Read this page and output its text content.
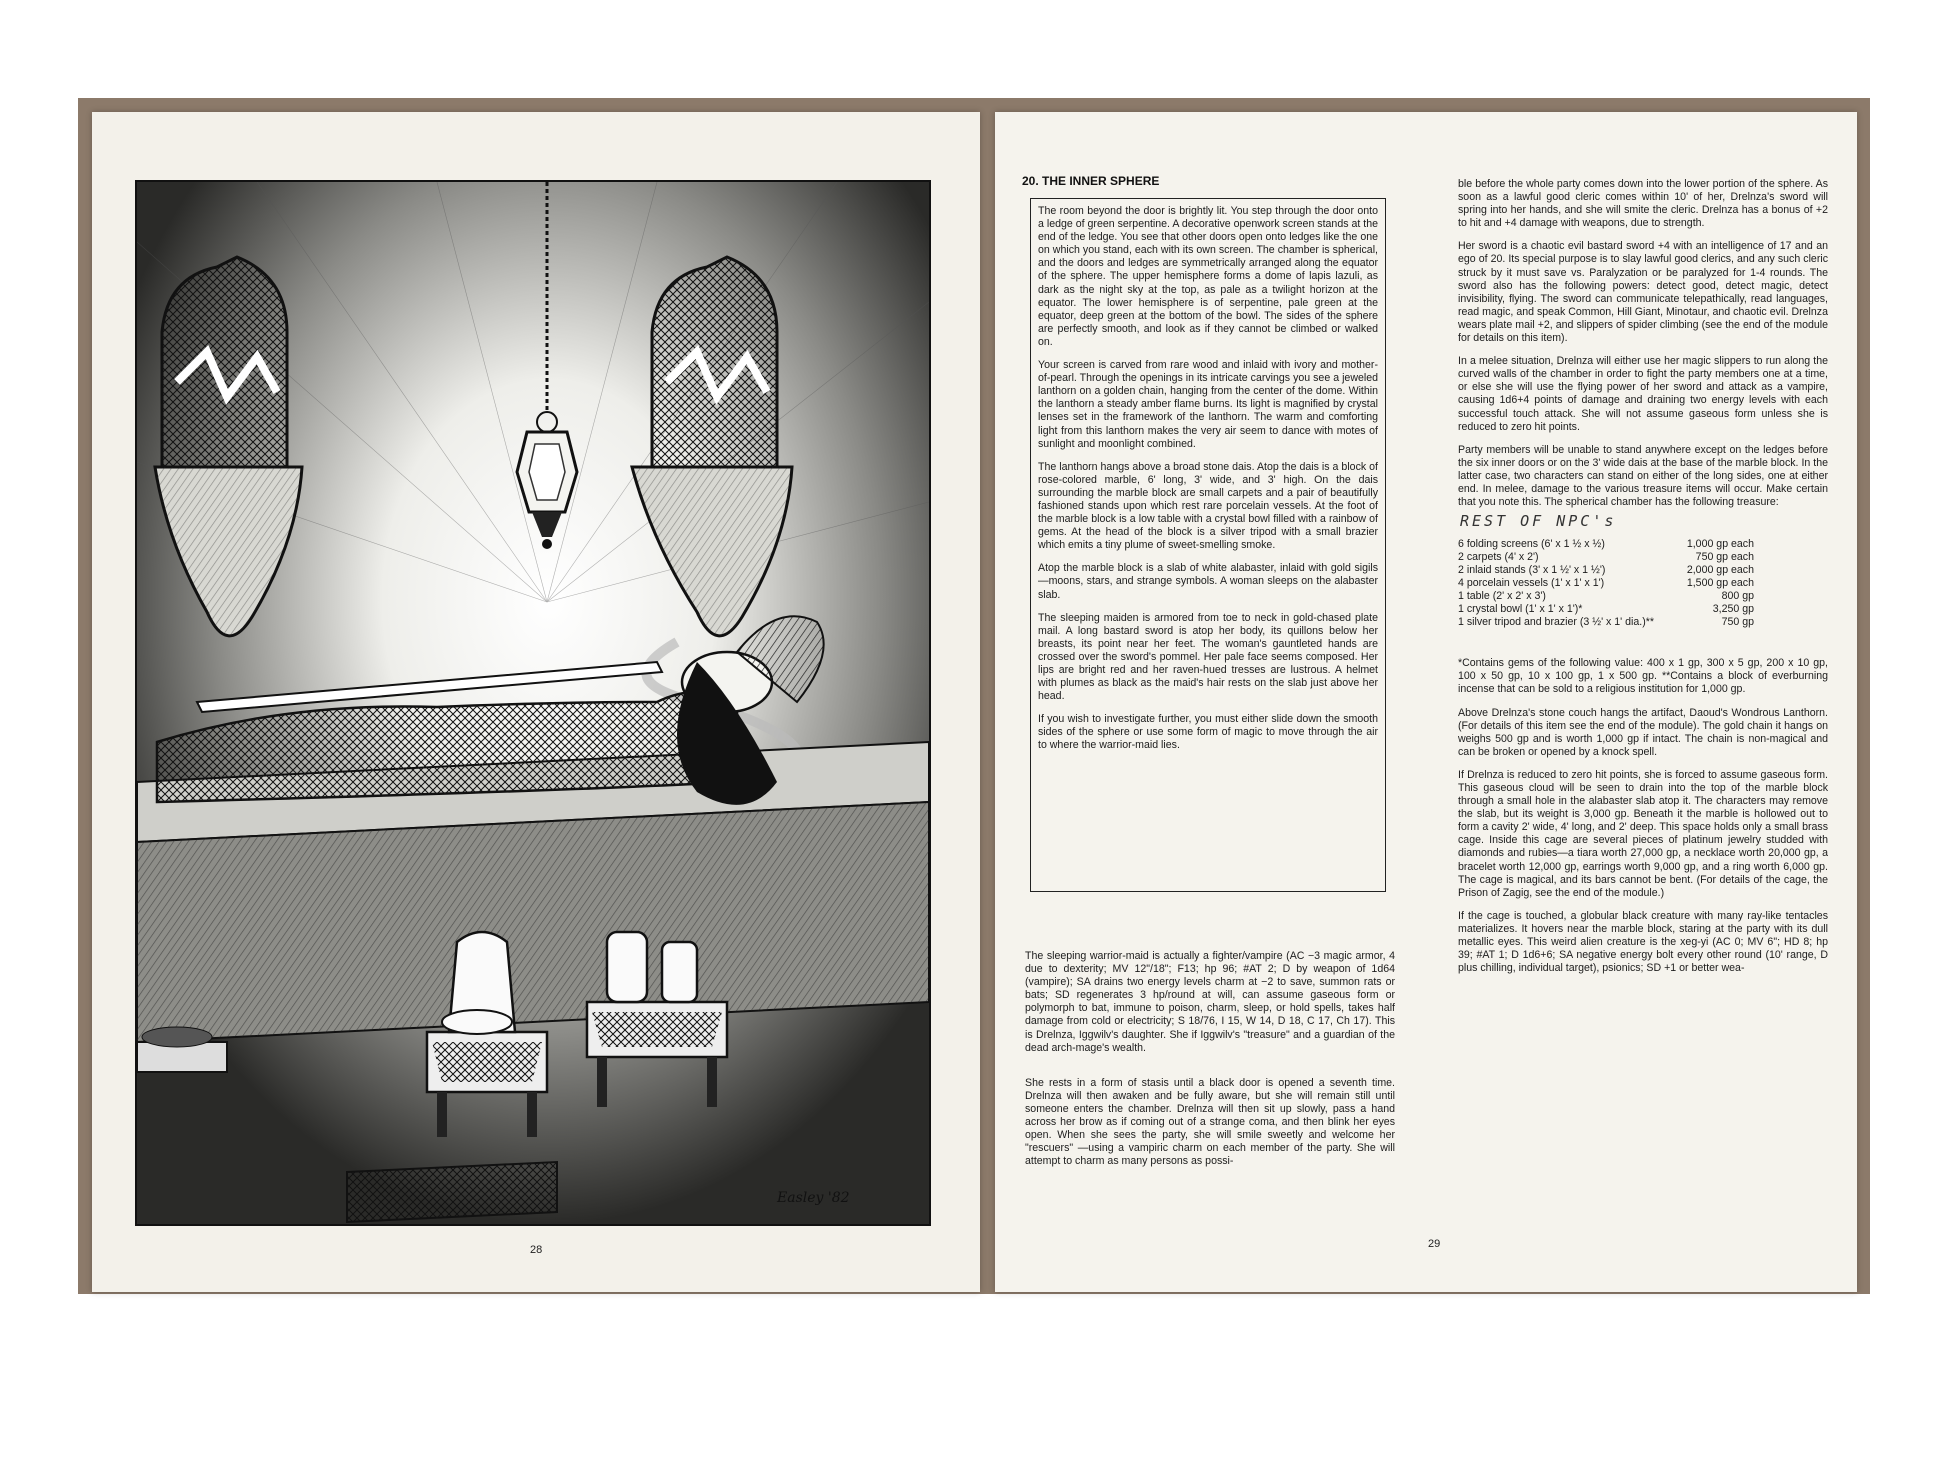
Easley '82
28
20. THE INNER SPHERE

The room beyond the door is brightly lit. You step through the door onto a ledge of green serpentine. A decorative openwork screen stands at the end of the ledge. You see that other doors open onto ledges like the one on which you stand, each with its own screen. The chamber is spherical, and the doors and ledges are symmetrically arranged along the equator of the sphere. The upper hemisphere forms a dome of lapis lazuli, as dark as the night sky at the top, as pale as a twilight horizon at the equator. The lower hemisphere is of serpentine, pale green at the equator, deep green at the bottom of the bowl. The sides of the sphere are perfectly smooth, and look as if they cannot be climbed or walked on.

Your screen is carved from rare wood and inlaid with ivory and mother-of-pearl. Through the openings in its intricate carvings you see a jeweled lanthorn on a golden chain, hanging from the center of the dome. Within the lanthorn a steady amber flame burns. Its light is magnified by crystal lenses set in the framework of the lanthorn. The warm and comforting light from this lanthorn makes the very air seem to dance with motes of sunlight and moonlight combined.

The lanthorn hangs above a broad stone dais. Atop the dais is a block of rose-colored marble, 6' long, 3' wide, and 3' high. On the dais surrounding the marble block are small carpets and a pair of beautifully fashioned stands upon which rest rare porcelain vessels. At the foot of the marble block is a low table with a crystal bowl filled with a rainbow of gems. At the head of the block is a silver tripod with a small brazier which emits a tiny plume of sweet-smelling smoke.

Atop the marble block is a slab of white alabaster, inlaid with gold sigils—moons, stars, and strange symbols. A woman sleeps on the alabaster slab.

The sleeping maiden is armored from toe to neck in gold-chased plate mail. A long bastard sword is atop her body, its quillons below her breasts, its point near her feet. The woman's gauntleted hands are crossed over the sword's pommel. Her pale face seems composed. Her lips are bright red and her raven-hued tresses are lustrous. A helmet with plumes as black as the maid's hair rests on the slab just above her head.

If you wish to investigate further, you must either slide down the smooth sides of the sphere or use some form of magic to move through the air to where the warrior-maid lies.

The sleeping warrior-maid is actually a fighter/vampire (AC −3 magic armor, 4 due to dexterity; MV 12"/18"; F13; hp 96; #AT 2; D by weapon of 1d64 (vampire); SA drains two energy levels charm at −2 to save, summon rats or bats; SD regenerates 3 hp/round at will, can assume gaseous form or polymorph to bat, immune to poison, charm, sleep, or hold spells, takes half damage from cold or electricity; S 18/76, I 15, W 14, D 18, C 17, Ch 17). This is Drelnza, Iggwilv's daughter. She if Iggwilv's "treasure" and a guardian of the dead arch-mage's wealth.

She rests in a form of stasis until a black door is opened a seventh time. Drelnza will then awaken and be fully aware, but she will remain still until someone enters the chamber. Drelnza will then sit up slowly, pass a hand across her brow as if coming out of a strange coma, and then blink her eyes open. When she sees the party, she will smile sweetly and welcome her "rescuers" —using a vampiric charm on each member of the party. She will attempt to charm as many persons as possi-

ble before the whole party comes down into the lower portion of the sphere. As soon as a lawful good cleric comes within 10' of her, Drelnza's sword will spring into her hands, and she will smite the cleric. Drelnza has a bonus of +2 to hit and +4 damage with weapons, due to strength.

Her sword is a chaotic evil bastard sword +4 with an intelligence of 17 and an ego of 20. Its special purpose is to slay lawful good clerics, and any such cleric struck by it must save vs. Paralyzation or be paralyzed for 1-4 rounds. The sword also has the following powers: detect good, detect magic, detect invisibility, flying. The sword can communicate telepathically, read languages, read magic, and speak Common, Hill Giant, Minotaur, and chaotic evil. Drelnza wears plate mail +2, and slippers of spider climbing (see the end of the module for details on this item).

In a melee situation, Drelnza will either use her magic slippers to run along the curved walls of the chamber in order to fight the party members one at a time, or else she will use the flying power of her sword and attack as a vampire, causing 1d6+4 points of damage and draining two energy levels with each successful touch attack. She will not assume gaseous form unless she is reduced to zero hit points.

Party members will be unable to stand anywhere except on the ledges before the six inner doors or on the 3' wide dais at the base of the marble block. In the latter case, two characters can stand on either of the long sides, one at either end. In melee, damage to the various treasure items will occur. Make certain that you note this. The spherical chamber has the following treasure:

REST OF NPC's
6 folding screens (6' x 1 ½ x ½)	1,000 gp each
2 carpets (4' x 2')	750 gp each
2 inlaid stands (3' x 1 ½' x 1 ½')	2,000 gp each
4 porcelain vessels (1' x 1' x 1')	1,500 gp each
1 table (2' x 2' x 3')	800 gp
1 crystal bowl (1' x 1' x 1')*	3,250 gp
1 silver tripod and brazier (3 ½' x 1' dia.)**	750 gp

*Contains gems of the following value: 400 x 1 gp, 300 x 5 gp, 200 x 10 gp, 100 x 50 gp, 10 x 100 gp, 1 x 500 gp. **Contains a block of everburning incense that can be sold to a religious institution for 1,000 gp.

Above Drelnza's stone couch hangs the artifact, Daoud's Wondrous Lanthorn. (For details of this item see the end of the module). The gold chain it hangs on weighs 500 gp and is worth 1,000 gp if intact. The chain is non-magical and can be broken or opened by a knock spell.

If Drelnza is reduced to zero hit points, she is forced to assume gaseous form. This gaseous cloud will be seen to drain into the top of the marble block through a small hole in the alabaster slab atop it. The characters may remove the slab, but its weight is 3,000 gp. Beneath it the marble is hollowed out to form a cavity 2' wide, 4' long, and 2' deep. This space holds only a small brass cage. Inside this cage are several pieces of platinum jewelry studded with diamonds and rubies—a tiara worth 27,000 gp, a necklace worth 20,000 gp, a bracelet worth 12,000 gp, earrings worth 9,000 gp, and a ring worth 6,000 gp. The cage is magical, and its bars cannot be bent. (For details of the cage, the Prison of Zagig, see the end of the module.)

If the cage is touched, a globular black creature with many ray-like tentacles materializes. It hovers near the marble block, staring at the party with its dull metallic eyes. This weird alien creature is the xeg-yi (AC 0; MV 6"; HD 8; hp 39; #AT 1; D 1d6+6; SA negative energy bolt every other round (10' range, D plus chilling, individual target), psionics; SD +1 or better wea-

29
